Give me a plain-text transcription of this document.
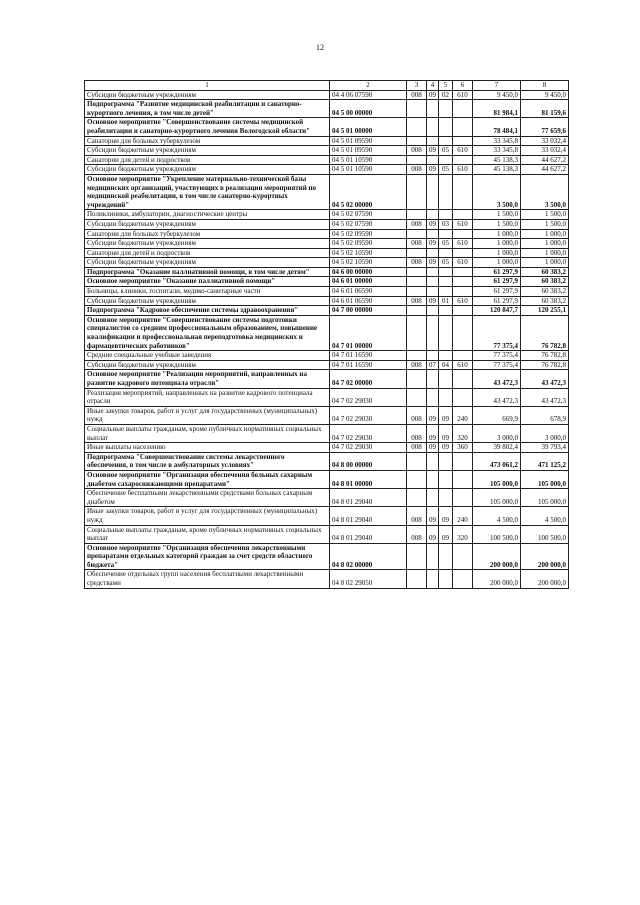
12
1	2	3	4	5	6	7	8
Субсидии бюджетным учреждениям	04 4 06 07590	008	09	02	610	9 450,0	9 450,0
Подпрограмма "Развитие медицинской реабилитации и санаторно-курортного лечения, в том числе детей"	04 5 00 00000					81 984,1	81 159,6
Основное мероприятие "Совершенствование системы медицинской реабилитации и санаторно-курортного лечения Вологодской области"	04 5 01 00000					78 484,1	77 659,6
Санатории для больных туберкулезом	04 5 01 09590					33 345,8	33 032,4
Субсидии бюджетным учреждениям	04 5 01 09590	008	09	05	610	33 345,8	33 032,4
Санатории для детей и подростков	04 5 01 10590					45 138,3	44 627,2
Субсидии бюджетным учреждениям	04 5 01 10590	008	09	05	610	45 138,3	44 627,2
Основное мероприятие "Укрепление материально-технической базы медицинских организаций, участвующих в реализации мероприятий по медицинской реабилитации, в том числе санаторно-курортных учреждений"	04 5 02 00000					3 500,0	3 500,0
Поликлиники, амбулатории, диагностические центры	04 5 02 07590					1 500,0	1 500,0
Субсидии бюджетным учреждениям	04 5 02 07590	008	09	03	610	1 500,0	1 500,0
Санатории для больных туберкулезом	04 5 02 09590					1 000,0	1 000,0
Субсидии бюджетным учреждениям	04 5 02 09590	008	09	05	610	1 000,0	1 000,0
Санатории для детей и подростков	04 5 02 10590					1 000,0	1 000,0
Субсидии бюджетным учреждениям	04 5 02 10590	008	09	05	610	1 000,0	1 000,0
Подпрограмма "Оказание паллиативной помощи, в том числе детям"	04 6 00 00000					61 297,9	60 383,2
Основное мероприятие "Оказание паллиативной помощи"	04 6 01 00000					61 297,9	60 383,2
Больницы, клиники, госпитали, медико-санитарные части	04 6 01 06590					61 297,9	60 383,2
Субсидии бюджетным учреждениям	04 6 01 06590	008	09	01	610	61 297,9	60 383,2
Подпрограмма "Кадровое обеспечение системы здравоохранения"	04 7 00 00000					120 847,7	120 255,1
Основное мероприятие "Совершенствование системы подготовки специалистов со средним профессиональным образованием, повышение квалификации и профессиональная переподготовка медицинских и фармацевтических работников"	04 7 01 00000					77 375,4	76 782,8
Средние специальные учебные заведения	04 7 01 16590					77 375,4	76 782,8
Субсидии бюджетным учреждениям	04 7 01 16590	008	07	04	610	77 375,4	76 782,8
Основное мероприятие "Реализация мероприятий, направленных на развитие кадрового потенциала отрасли"	04 7 02 00000					43 472,3	43 472,3
Реализация мероприятий, направленных на развитие кадрового потенциала отрасли	04 7 02 29030					43 472,3	43 472,3
Иные закупки товаров, работ и услуг для государственных (муниципальных) нужд	04 7 02 29030	008	09	09	240	669,9	678,9
Социальные выплаты гражданам, кроме публичных нормативных социальных выплат	04 7 02 29030	008	09	09	320	3 000,0	3 000,0
Иные выплаты населению	04 7 02 29030	008	09	09	360	39 802,4	39 793,4
Подпрограмма "Совершенствование системы лекарственного обеспечения, в том числе в амбулаторных условиях"	04 8 00 00000					473 061,2	471 125,2
Основное мероприятие "Организация обеспечения больных сахарным диабетом сахароснижающими препаратами"	04 8 01 00000					105 000,0	105 000,0
Обеспечение бесплатными лекарственными средствами больных сахарным диабетом	04 8 01 29040					105 000,0	105 000,0
Иные закупки товаров, работ и услуг для государственных (муниципальных) нужд	04 8 01 29040	008	09	09	240	4 500,0	4 500,0
Социальные выплаты гражданам, кроме публичных нормативных социальных выплат	04 8 01 29040	008	09	09	320	100 500,0	100 500,0
Основное мероприятие "Организация обеспечения лекарственными препаратами отдельных категорий граждан за счет средств областного бюджета"	04 8 02 00000					200 000,0	200 000,0
Обеспечение отдельных групп населения бесплатными лекарственными средствами	04 8 02 29050					200 000,0	200 000,0
